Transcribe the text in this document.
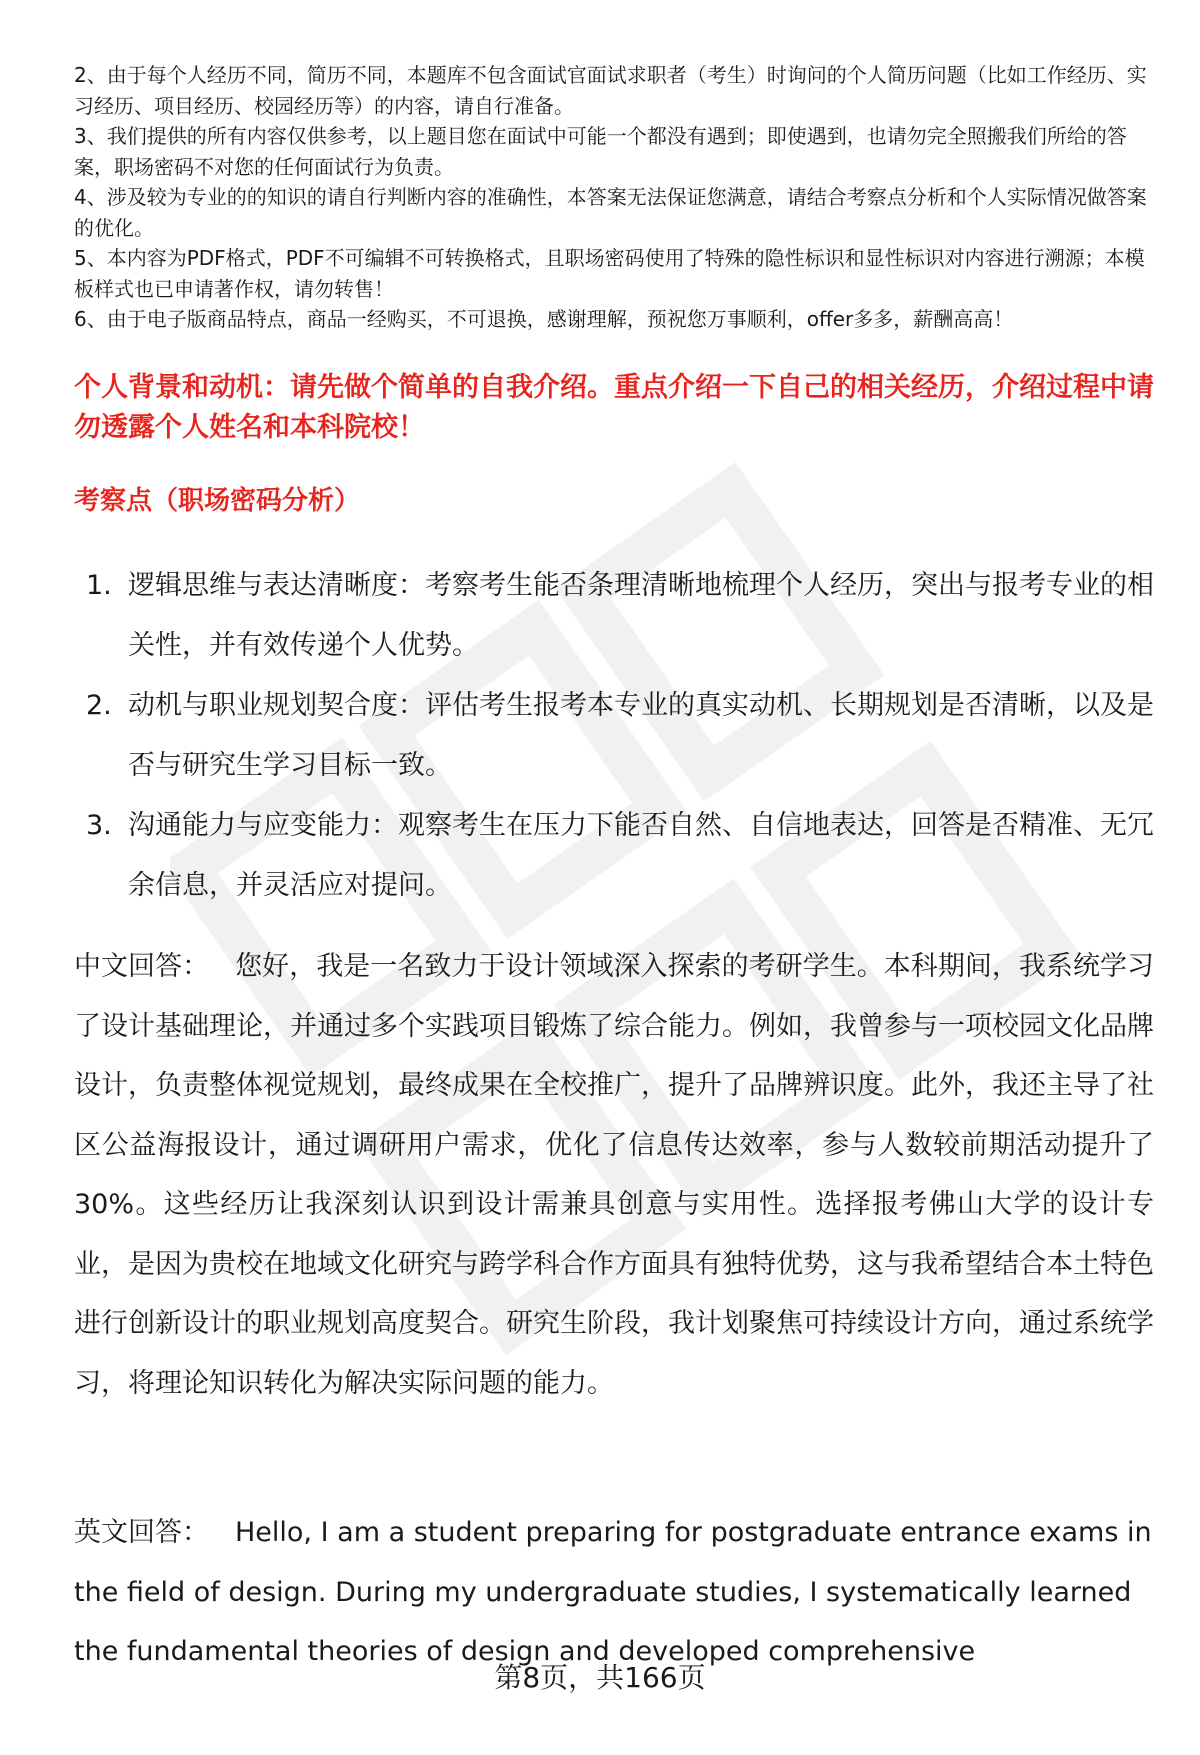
2、由于每个人经历不同，简历不同，本题库不包含面试官面试求职者（考生）时询问的个人简历问题（比如工作经历、实习经历、项目经历、校园经历等）的内容，请自行准备。

3、我们提供的所有内容仅供参考，以上题目您在面试中可能一个都没有遇到；即使遇到，也请勿完全照搬我们所给的答案，职场密码不对您的任何面试行为负责。

4、涉及较为专业的的知识的请自行判断内容的准确性，本答案无法保证您满意，请结合考察点分析和个人实际情况做答案的优化。

5、本内容为PDF格式，PDF不可编辑不可转换格式，且职场密码使用了特殊的隐性标识和显性标识对内容进行溯源；本模板样式也已申请著作权，请勿转售！

6、由于电子版商品特点，商品一经购买，不可退换，感谢理解，预祝您万事顺利，offer多多，薪酬高高！

个人背景和动机：请先做个简单的自我介绍。重点介绍一下自己的相关经历，介绍过程中请勿透露个人姓名和本科院校！

考察点（职场密码分析）

1. 逻辑思维与表达清晰度：考察考生能否条理清晰地梳理个人经历，突出与报考专业的相关性，并有效传递个人优势。
2. 动机与职业规划契合度：评估考生报考本专业的真实动机、长期规划是否清晰，以及是否与研究生学习目标一致。
3. 沟通能力与应变能力：观察考生在压力下能否自然、自信地表达，回答是否精准、无冗余信息，并灵活应对提问。

中文回答： 您好，我是一名致力于设计领域深入探索的考研学生。本科期间，我系统学习了设计基础理论，并通过多个实践项目锻炼了综合能力。例如，我曾参与一项校园文化品牌设计，负责整体视觉规划，最终成果在全校推广，提升了品牌辨识度。此外，我还主导了社区公益海报设计，通过调研用户需求，优化了信息传达效率，参与人数较前期活动提升了30%。这些经历让我深刻认识到设计需兼具创意与实用性。选择报考佛山大学的设计专业，是因为贵校在地域文化研究与跨学科合作方面具有独特优势，这与我希望结合本土特色进行创新设计的职业规划高度契合。研究生阶段，我计划聚焦可持续设计方向，通过系统学习，将理论知识转化为解决实际问题的能力。

英文回答： Hello, I am a student preparing for postgraduate entrance exams in the field of design. During my undergraduate studies, I systematically learned the fundamental theories of design and developed comprehensive

第8页，共166页
